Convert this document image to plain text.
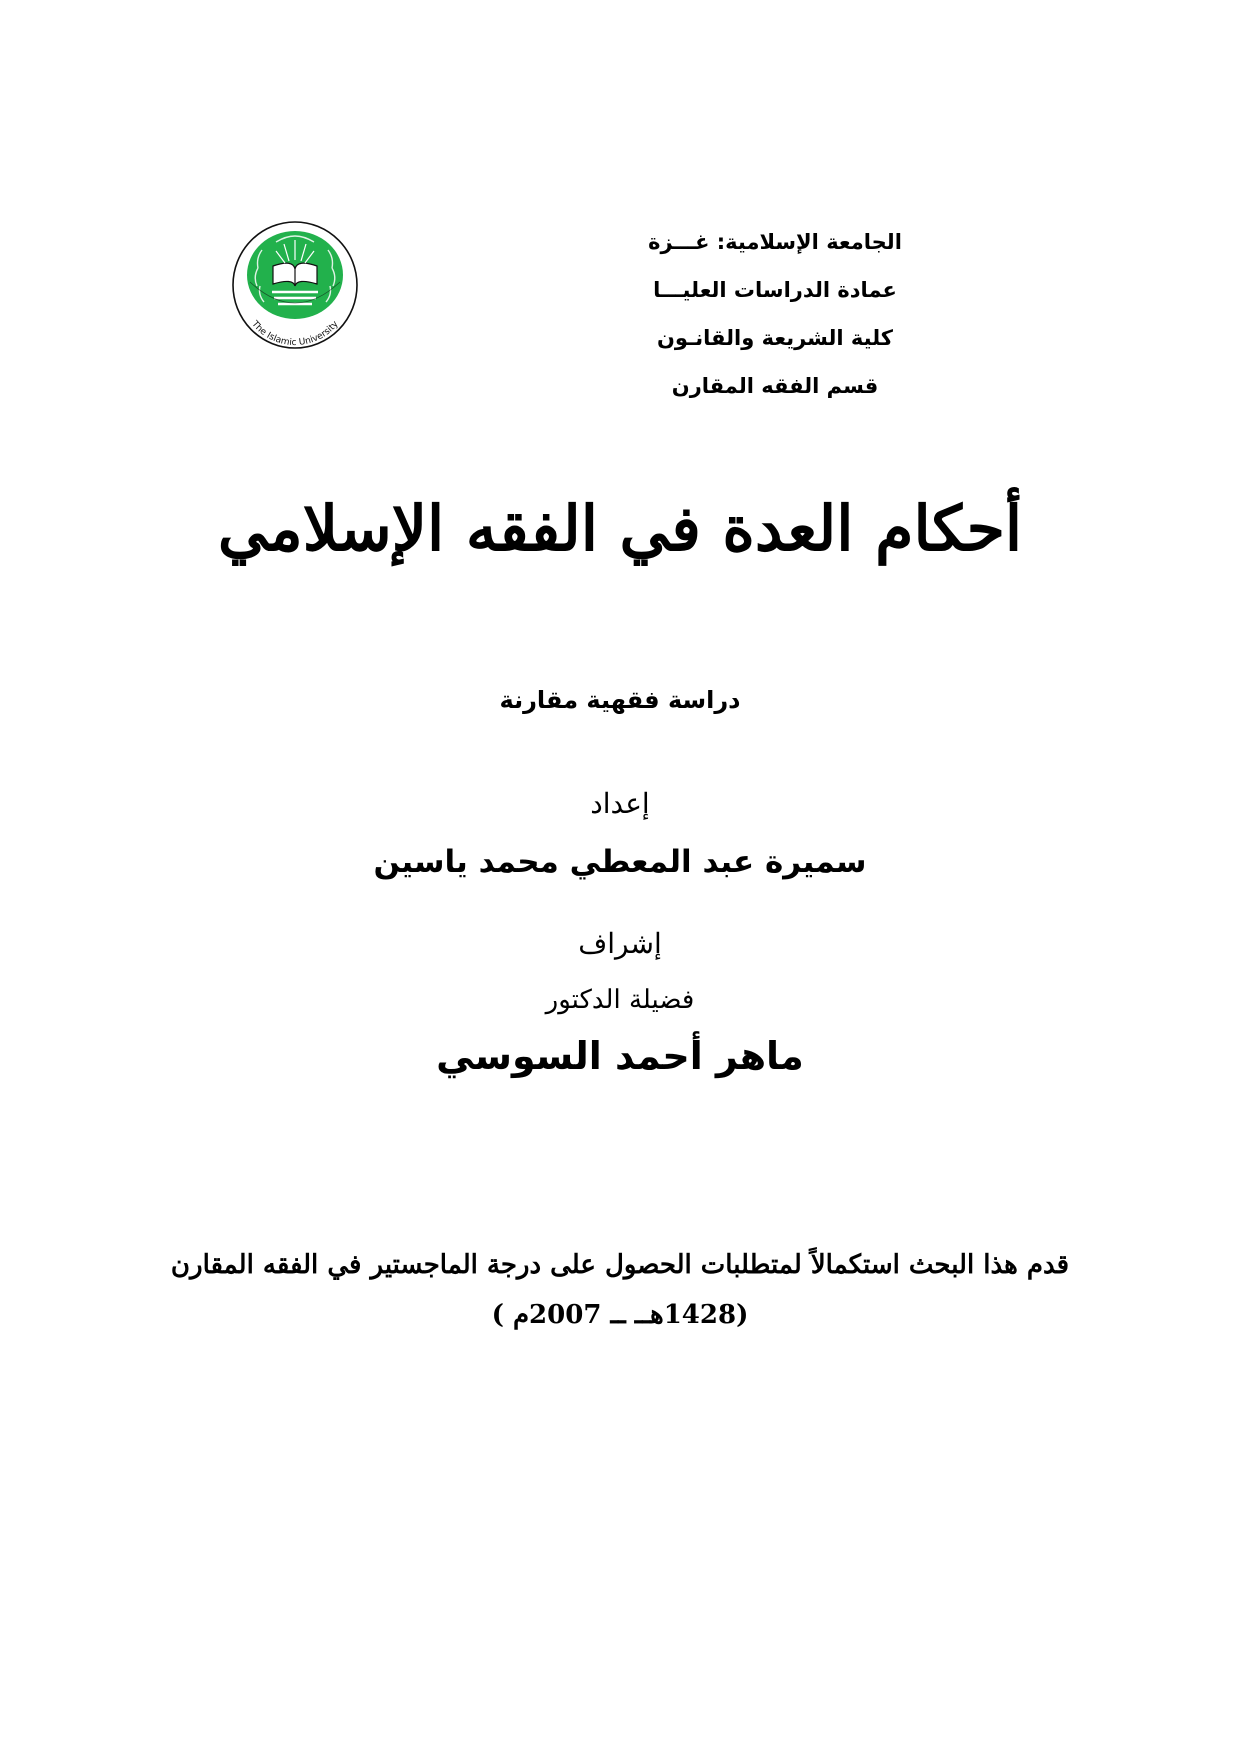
The Islamic University
الجامعة الإسلامية: غـــزة
عمادة الدراسات العليـــا
كلية الشريعة والقانـون
قسم الفقه المقارن
أحكام العدة في الفقه الإسلامي
دراسة فقهية مقارنة
إعداد
سميرة عبد المعطي محمد ياسين
إشراف
فضيلة الدكتور
ماهر أحمد السوسي
قدم هذا البحث استكمالاً لمتطلبات الحصول على درجة الماجستير في الفقه المقارن
(1428هــ ــ 2007م )
